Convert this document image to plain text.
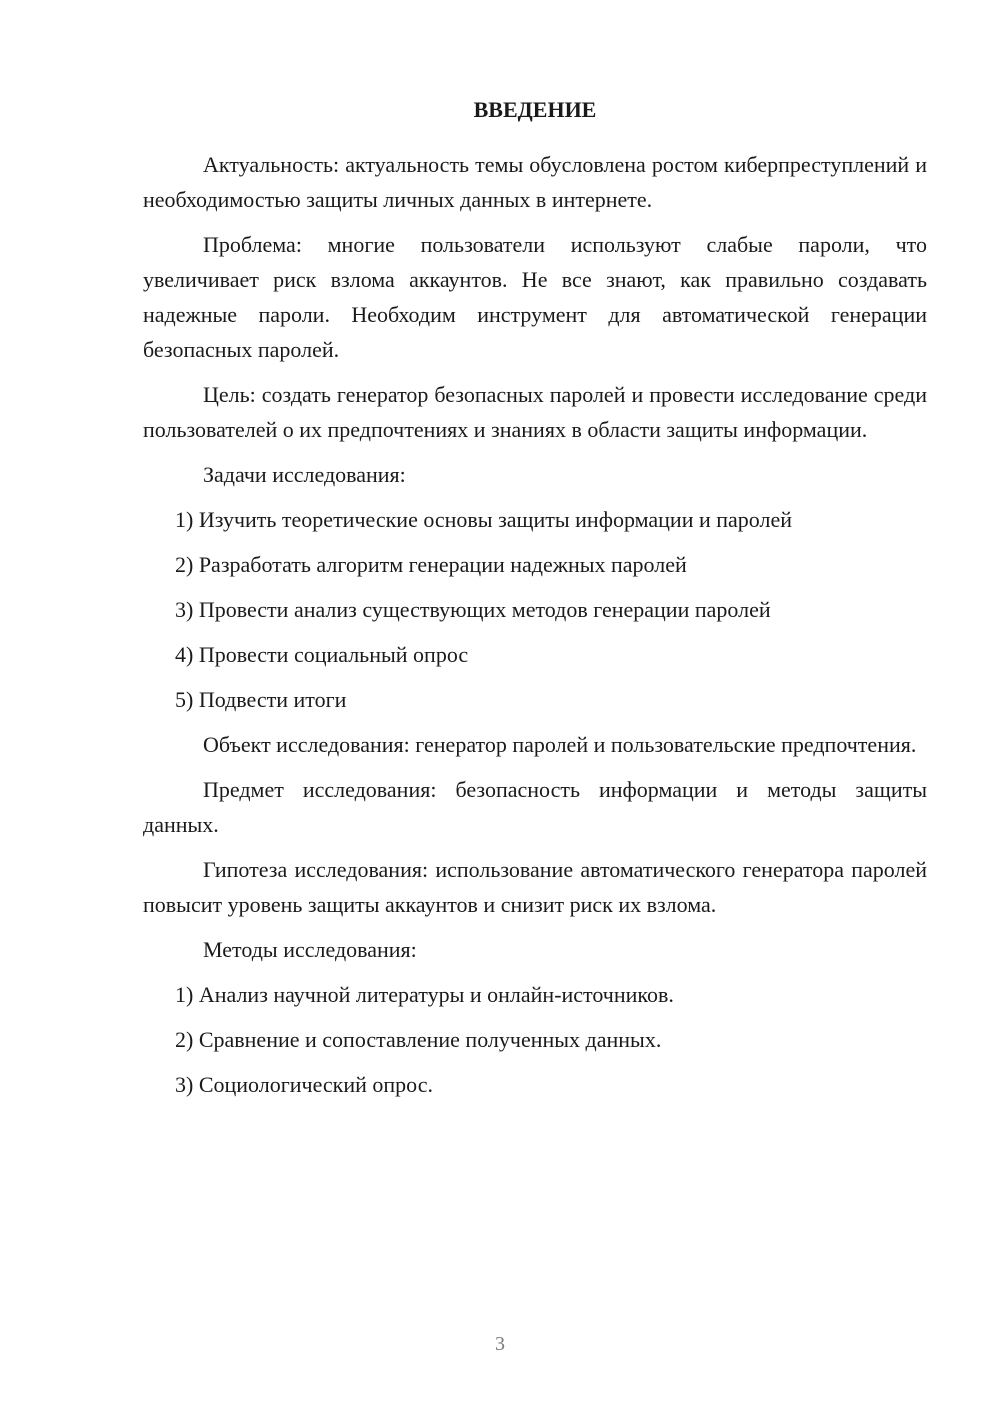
ВВЕДЕНИЕ

Актуальность: актуальность темы обусловлена ростом киберпреступлений и необходимостью защиты личных данных в интернете.

Проблема: многие пользователи используют слабые пароли, что увеличивает риск взлома аккаунтов. Не все знают, как правильно создавать надежные пароли. Необходим инструмент для автоматической генерации безопасных паролей.

Цель: создать генератор безопасных паролей и провести исследование среди пользователей о их предпочтениях и знаниях в области защиты информации.

Задачи исследования:

1) Изучить теоретические основы защиты информации и паролей
2) Разработать алгоритм генерации надежных паролей
3) Провести анализ существующих методов генерации паролей
4) Провести социальный опрос
5) Подвести итоги

Объект исследования: генератор паролей и пользовательские предпочтения.

Предмет исследования: безопасность информации и методы защиты данных.

Гипотеза исследования: использование автоматического генератора паролей повысит уровень защиты аккаунтов и снизит риск их взлома.

Методы исследования:

1) Анализ научной литературы и онлайн-источников.
2) Сравнение и сопоставление полученных данных.
3) Социологический опрос.
3
